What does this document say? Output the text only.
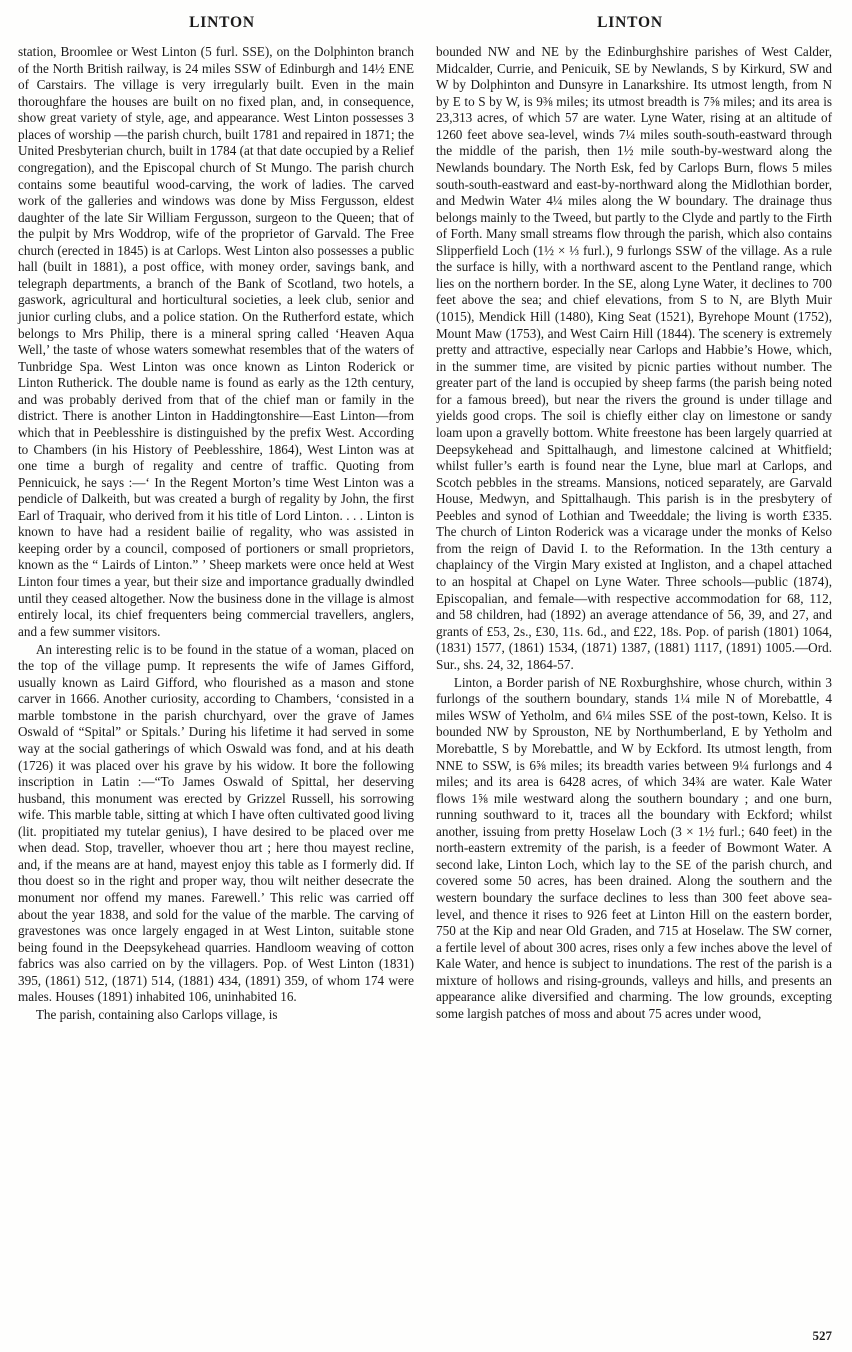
LINTON	LINTON

station, Broomlee or West Linton (5 furl. SSE), on the Dolphinton branch of the North British railway, is 24 miles SSW of Edinburgh and 14½ ENE of Carstairs. The village is very irregularly built. Even in the main thoroughfare the houses are built on no fixed plan, and, in consequence, show great variety of style, age, and appearance. West Linton possesses 3 places of worship —the parish church, built 1781 and repaired in 1871; the United Presbyterian church, built in 1784 (at that date occupied by a Relief congregation), and the Episcopal church of St Mungo. The parish church contains some beautiful wood-carving, the work of ladies. The carved work of the galleries and windows was done by Miss Fergusson, eldest daughter of the late Sir William Fergusson, surgeon to the Queen; that of the pulpit by Mrs Woddrop, wife of the proprietor of Garvald. The Free church (erected in 1845) is at Carlops. West Linton also possesses a public hall (built in 1881), a post office, with money order, savings bank, and telegraph departments, a branch of the Bank of Scotland, two hotels, a gaswork, agricultural and horticultural societies, a leek club, senior and junior curling clubs, and a police station. On the Rutherford estate, which belongs to Mrs Philip, there is a mineral spring called ‘Heaven Aqua Well,’ the taste of whose waters somewhat resembles that of the waters of Tunbridge Spa. West Linton was once known as Linton Roderick or Linton Rutherick. The double name is found as early as the 12th century, and was probably derived from that of the chief man or family in the district. There is another Linton in Haddingtonshire—East Linton—from which that in Peeblesshire is distinguished by the prefix West. According to Chambers (in his History of Peeblesshire, 1864), West Linton was at one time a burgh of regality and centre of traffic. Quoting from Pennicuick, he says :—‘ In the Regent Morton’s time West Linton was a pendicle of Dalkeith, but was created a burgh of regality by John, the first Earl of Traquair, who derived from it his title of Lord Linton. . . . Linton is known to have had a resident bailie of regality, who was assisted in keeping order by a council, composed of portioners or small proprietors, known as the “ Lairds of Linton.” ’ Sheep markets were once held at West Linton four times a year, but their size and importance gradually dwindled until they ceased altogether. Now the business done in the village is almost entirely local, its chief frequenters being commercial travellers, anglers, and a few summer visitors.

An interesting relic is to be found in the statue of a woman, placed on the top of the village pump. It represents the wife of James Gifford, usually known as Laird Gifford, who flourished as a mason and stone carver in 1666. Another curiosity, according to Chambers, ‘consisted in a marble tombstone in the parish churchyard, over the grave of James Oswald of “Spital” or Spitals.’ During his lifetime it had served in some way at the social gatherings of which Oswald was fond, and at his death (1726) it was placed over his grave by his widow. It bore the following inscription in Latin :—“To James Oswald of Spittal, her deserving husband, this monument was erected by Grizzel Russell, his sorrowing wife. This marble table, sitting at which I have often cultivated good living (lit. propitiated my tutelar genius), I have desired to be placed over me when dead. Stop, traveller, whoever thou art ; here thou mayest recline, and, if the means are at hand, mayest enjoy this table as I formerly did. If thou doest so in the right and proper way, thou wilt neither desecrate the monument nor offend my manes. Farewell.’ This relic was carried off about the year 1838, and sold for the value of the marble. The carving of gravestones was once largely engaged in at West Linton, suitable stone being found in the Deepsykehead quarries. Handloom weaving of cotton fabrics was also carried on by the villagers. Pop. of West Linton (1831) 395, (1861) 512, (1871) 514, (1881) 434, (1891) 359, of whom 174 were males. Houses (1891) inhabited 106, uninhabited 16.

The parish, containing also Carlops village, is

bounded NW and NE by the Edinburghshire parishes of West Calder, Midcalder, Currie, and Penicuik, SE by Newlands, S by Kirkurd, SW and W by Dolphinton and Dunsyre in Lanarkshire. Its utmost length, from N by E to S by W, is 9⅜ miles; its utmost breadth is 7⅝ miles; and its area is 23,313 acres, of which 57 are water. Lyne Water, rising at an altitude of 1260 feet above sea-level, winds 7¼ miles south-south-eastward through the middle of the parish, then 1½ mile south-by-westward along the Newlands boundary. The North Esk, fed by Carlops Burn, flows 5 miles south-south-eastward and east-by-northward along the Midlothian border, and Medwin Water 4¼ miles along the W boundary. The drainage thus belongs mainly to the Tweed, but partly to the Clyde and partly to the Firth of Forth. Many small streams flow through the parish, which also contains Slipperfield Loch (1½ × ⅓ furl.), 9 furlongs SSW of the village. As a rule the surface is hilly, with a northward ascent to the Pentland range, which lies on the northern border. In the SE, along Lyne Water, it declines to 700 feet above the sea; and chief elevations, from S to N, are Blyth Muir (1015), Mendick Hill (1480), King Seat (1521), Byrehope Mount (1752), Mount Maw (1753), and West Cairn Hill (1844). The scenery is extremely pretty and attractive, especially near Carlops and Habbie’s Howe, which, in the summer time, are visited by picnic parties without number. The greater part of the land is occupied by sheep farms (the parish being noted for a famous breed), but near the rivers the ground is under tillage and yields good crops. The soil is chiefly either clay on limestone or sandy loam upon a gravelly bottom. White freestone has been largely quarried at Deepsykehead and Spittalhaugh, and limestone calcined at Whitfield; whilst fuller’s earth is found near the Lyne, blue marl at Carlops, and Scotch pebbles in the streams. Mansions, noticed separately, are Garvald House, Medwyn, and Spittalhaugh. This parish is in the presbytery of Peebles and synod of Lothian and Tweeddale; the living is worth £335. The church of Linton Roderick was a vicarage under the monks of Kelso from the reign of David I. to the Reformation. In the 13th century a chaplaincy of the Virgin Mary existed at Ingliston, and a chapel attached to an hospital at Chapel on Lyne Water. Three schools—public (1874), Episcopalian, and female—with respective accommodation for 68, 112, and 58 children, had (1892) an average attendance of 56, 39, and 27, and grants of £53, 2s., £30, 11s. 6d., and £22, 18s. Pop. of parish (1801) 1064, (1831) 1577, (1861) 1534, (1871) 1387, (1881) 1117, (1891) 1005.—Ord. Sur., shs. 24, 32, 1864-57.

Linton, a Border parish of NE Roxburghshire, whose church, within 3 furlongs of the southern boundary, stands 1¼ mile N of Morebattle, 4 miles WSW of Yetholm, and 6¼ miles SSE of the post-town, Kelso. It is bounded NW by Sprouston, NE by Northumberland, E by Yetholm and Morebattle, S by Morebattle, and W by Eckford. Its utmost length, from NNE to SSW, is 6⅝ miles; its breadth varies between 9¼ furlongs and 4 miles; and its area is 6428 acres, of which 34¾ are water. Kale Water flows 1⅝ mile westward along the southern boundary ; and one burn, running southward to it, traces all the boundary with Eckford; whilst another, issuing from pretty Hoselaw Loch (3 × 1½ furl.; 640 feet) in the north-eastern extremity of the parish, is a feeder of Bowmont Water. A second lake, Linton Loch, which lay to the SE of the parish church, and covered some 50 acres, has been drained. Along the southern and the western boundary the surface declines to less than 300 feet above sea-level, and thence it rises to 926 feet at Linton Hill on the eastern border, 750 at the Kip and near Old Graden, and 715 at Hoselaw. The SW corner, a fertile level of about 300 acres, rises only a few inches above the level of Kale Water, and hence is subject to inundations. The rest of the parish is a mixture of hollows and rising-grounds, valleys and hills, and presents an appearance alike diversified and charming. The low grounds, excepting some largish patches of moss and about 75 acres under wood,

527
